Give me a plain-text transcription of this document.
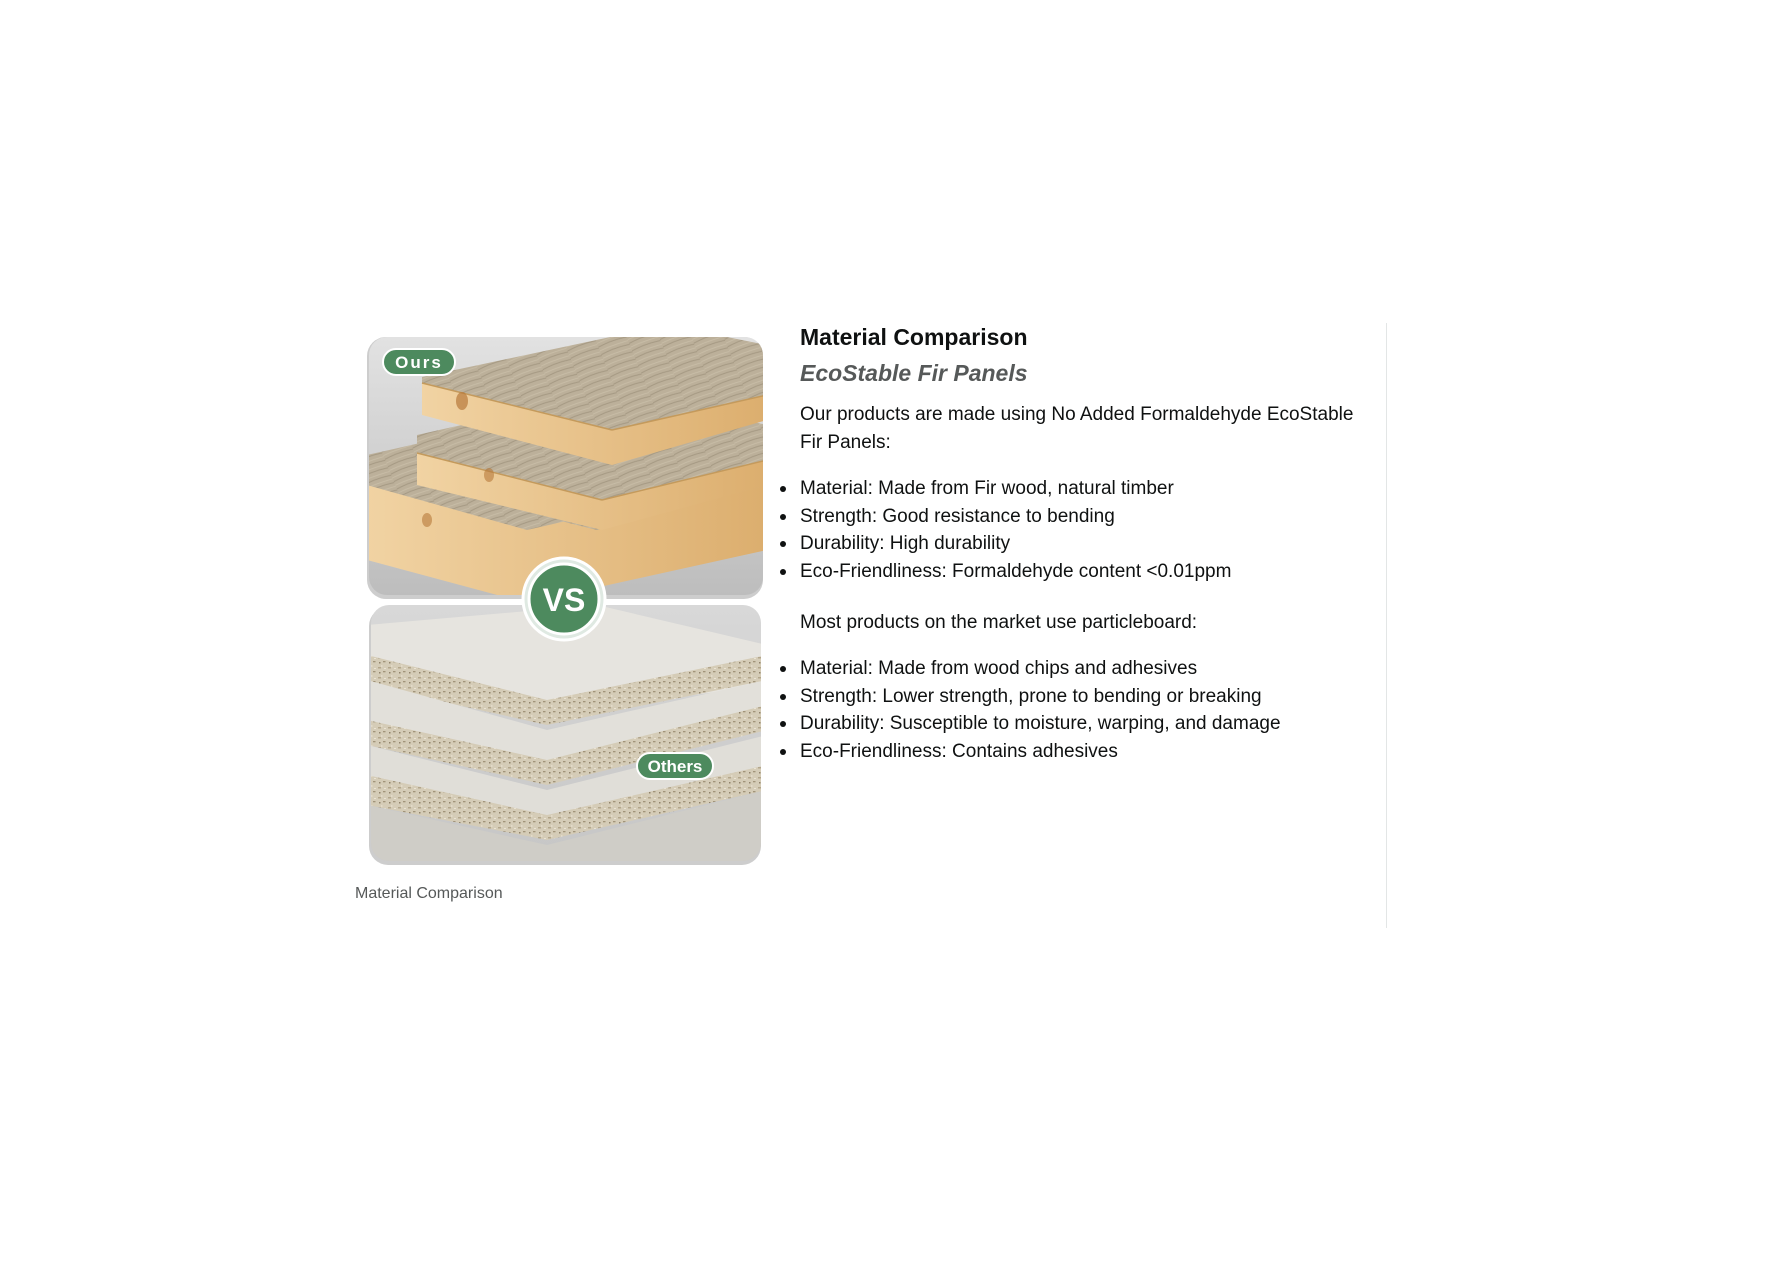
Ours
Others
VS
Material Comparison
Material Comparison
EcoStable Fir Panels

Our products are made using No Added Formaldehyde EcoStable Fir Panels:

Material: Made from Fir wood, natural timber
Strength: Good resistance to bending
Durability: High durability
Eco-Friendliness: Formaldehyde content <0.01ppm

Most products on the market use particleboard:

Material: Made from wood chips and adhesives
Strength: Lower strength, prone to bending or breaking
Durability: Susceptible to moisture, warping, and damage
Eco-Friendliness: Contains adhesives
